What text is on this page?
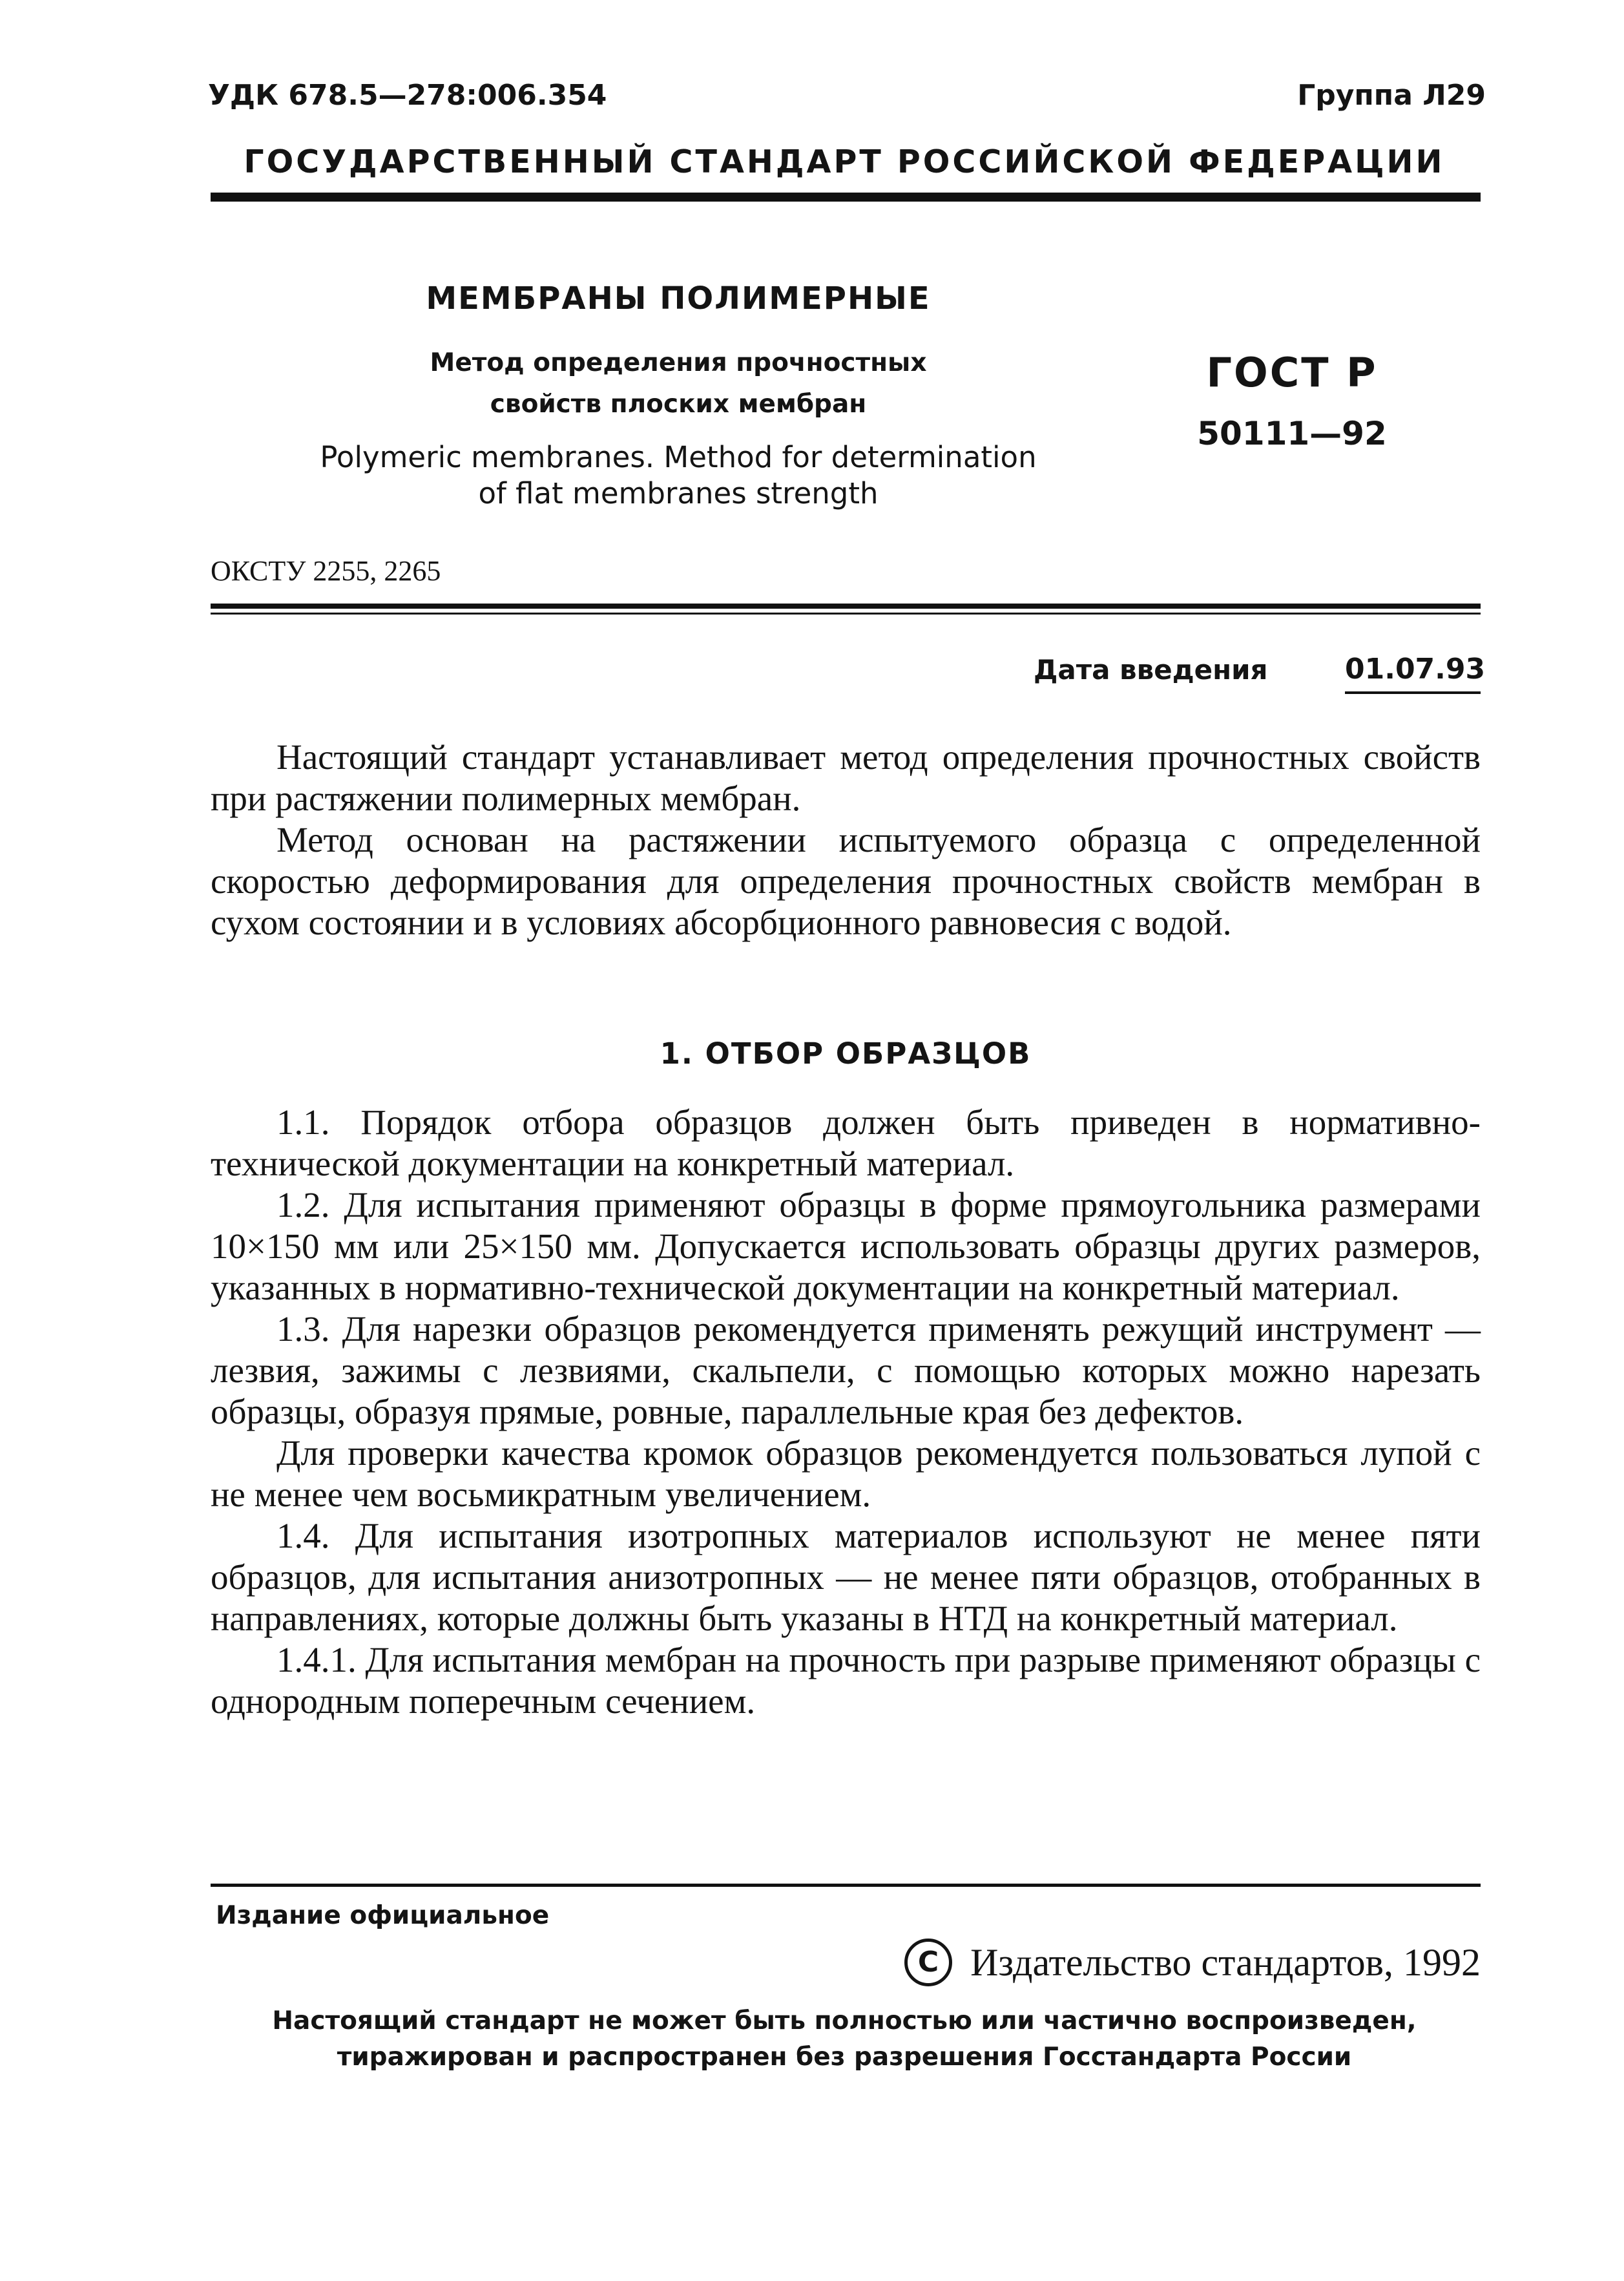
УДК 678.5—278:006.354	Группа Л29
ГОСУДАРСТВЕННЫЙ СТАНДАРТ РОССИЙСКОЙ ФЕДЕРАЦИИ
МЕМБРАНЫ ПОЛИМЕРНЫЕ
Метод определения прочностных
свойств плоских мембран
Polymeric membranes. Method for determination
of flat membranes strength
ГОСТ Р
50111—92
ОКСТУ 2255, 2265
Дата введения	01.07.93

Настоящий стандарт устанавливает метод определения прочностных свойств при растяжении полимерных мембран.

Метод основан на растяжении испытуемого образца с определенной скоростью деформирования для определения прочностных свойств мембран в сухом состоянии и в условиях абсорбционного равновесия с водой.

1. ОТБОР ОБРАЗЦОВ

1.1. Порядок отбора образцов должен быть приведен в нормативно-технической документации на конкретный материал.

1.2. Для испытания применяют образцы в форме прямоугольника размерами 10×150 мм или 25×150 мм. Допускается использовать образцы других размеров, указанных в нормативно-технической документации на конкретный материал.

1.3. Для нарезки образцов рекомендуется применять режущий инструмент — лезвия, зажимы с лезвиями, скальпели, с помощью которых можно нарезать образцы, образуя прямые, ровные, параллельные края без дефектов.

Для проверки качества кромок образцов рекомендуется пользоваться лупой с не менее чем восьмикратным увеличением.

1.4. Для испытания изотропных материалов используют не менее пяти образцов, для испытания анизотропных — не менее пяти образцов, отобранных в направлениях, которые должны быть указаны в НТД на конкретный материал.

1.4.1. Для испытания мембран на прочность при разрыве применяют образцы с однородным поперечным сечением.

Издание официальное
C Издательство стандартов, 1992
Настоящий стандарт не может быть полностью или частично воспроизведен,
тиражирован и распространен без разрешения Госстандарта России
